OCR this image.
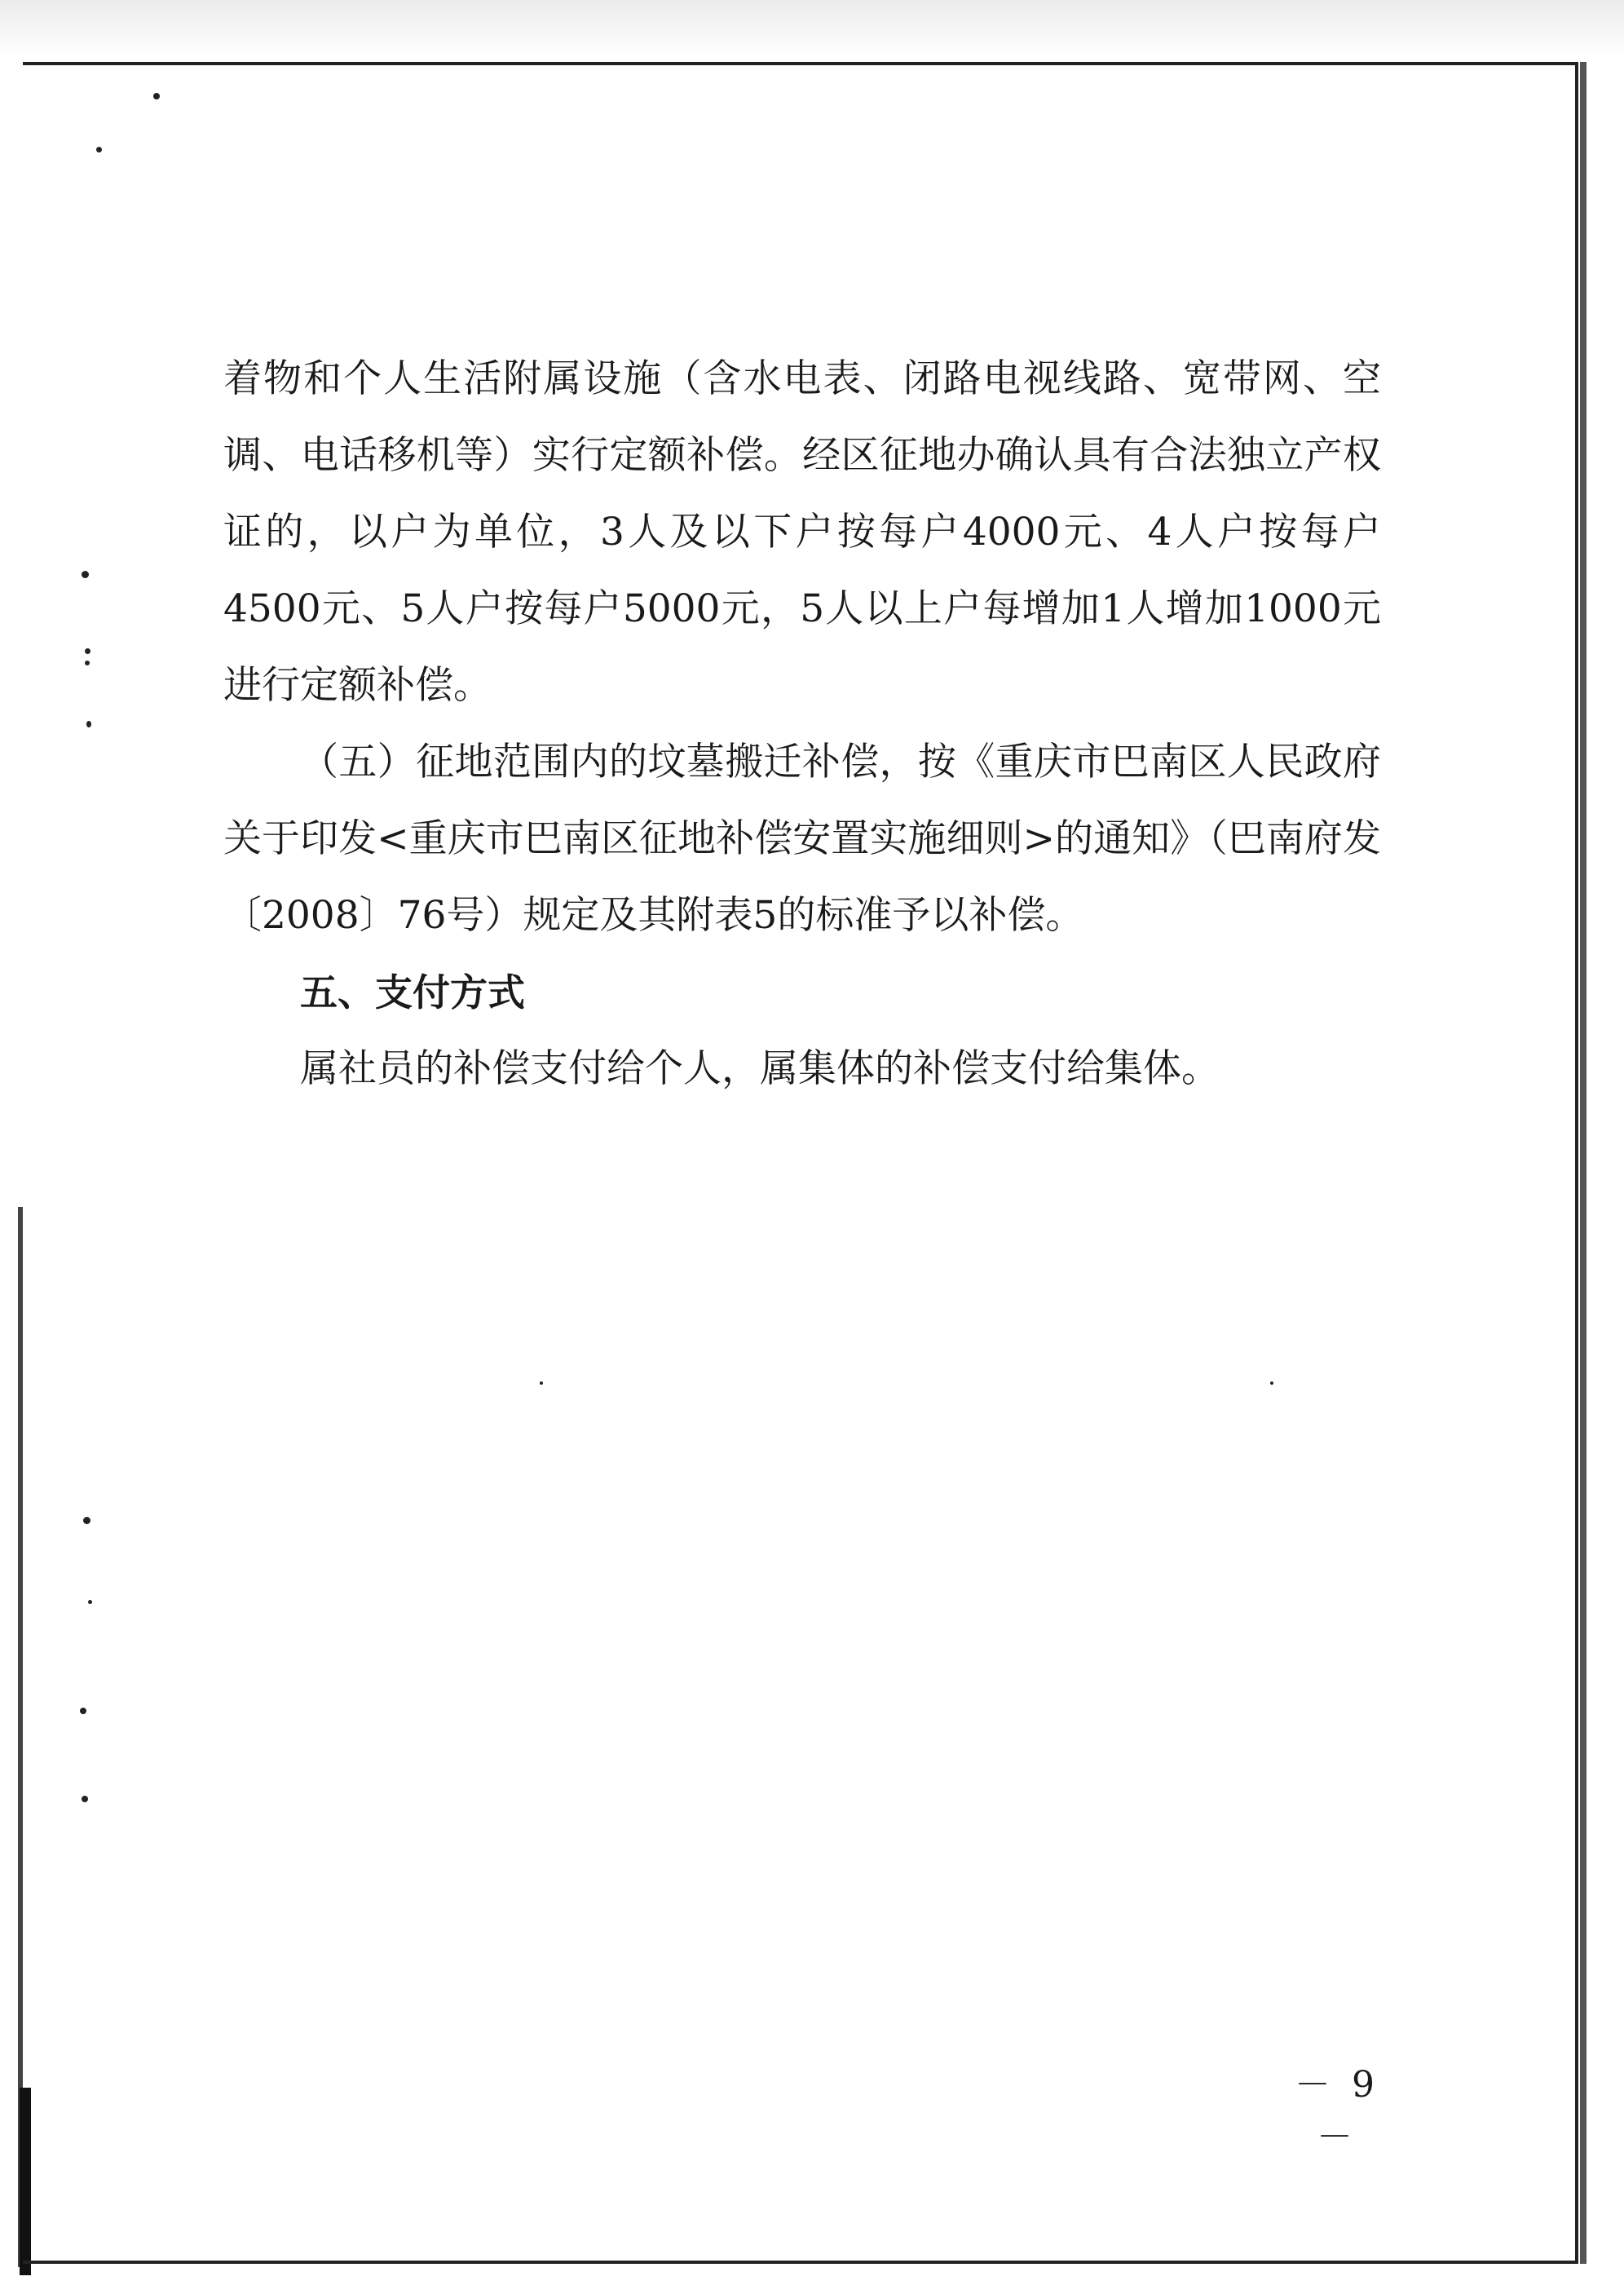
着物和个人生活附属设施（含水电表、闭路电视线路、宽带网、空调、电话移机等）实行定额补偿。经区征地办确认具有合法独立产权证的，以户为单位，3人及以下户按每户4000元、4人户按每户4500元、5人户按每户5000元，5人以上户每增加1人增加1000元进行定额补偿。

（五）征地范围内的坟墓搬迁补偿，按《重庆市巴南区人民政府关于印发<重庆市巴南区征地补偿安置实施细则>的通知》（巴南府发〔2008〕76号）规定及其附表5的标准予以补偿。

五、支付方式

属社员的补偿支付给个人，属集体的补偿支付给集体。

－ 9 －
